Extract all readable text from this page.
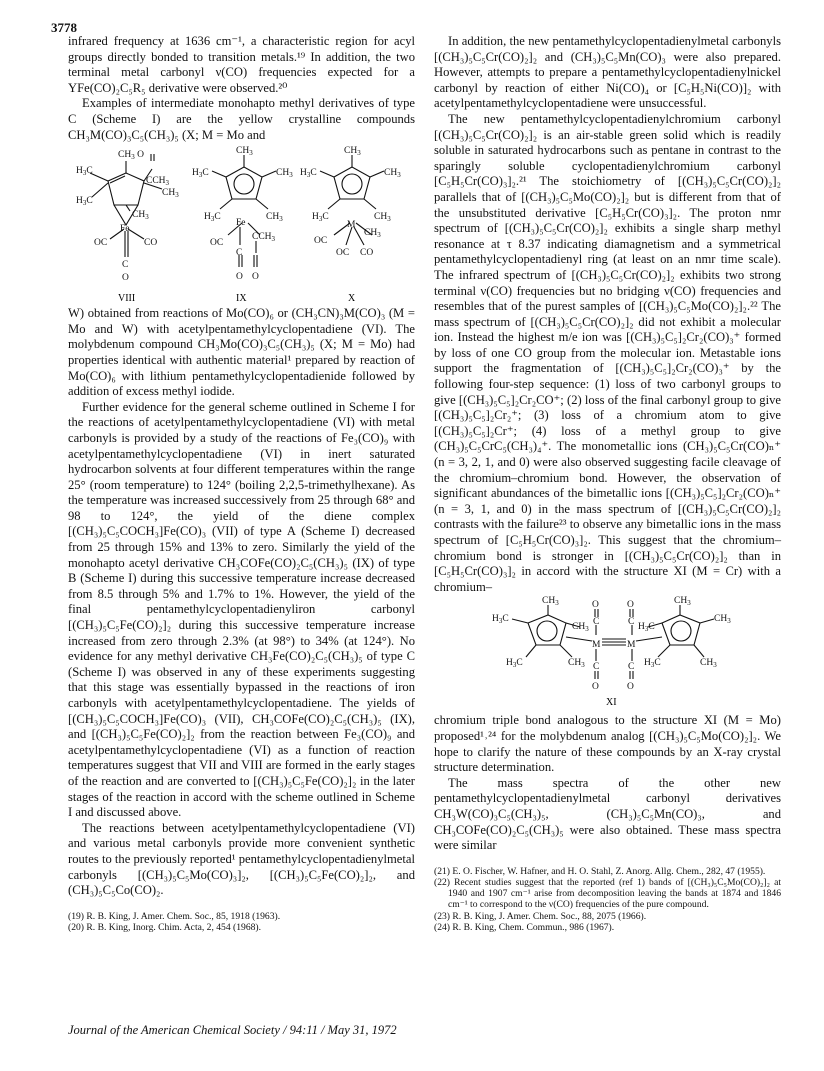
3778

infrared frequency at 1636 cm⁻¹, a characteristic region for acyl groups directly bonded to transition metals.¹⁹ In addition, the two terminal metal carbonyl ν(CO) frequencies expected for a YFe(CO)₂C₅R₅ derivative were observed.²⁰

Examples of intermediate monohapto methyl derivatives of type C (Scheme I) are the yellow crystalline compounds CH₃M(CO)₃C₅(CH₃)₅ (X; M = Mo and

$CH_3$ O
$H_3C$
$CCH_3$
$CH_3$
$H_3C$
$CH_3$
Fe
OC	CO
C
O
$CH_3$
$H_3C$	$CH_3$
$H_3C$	$CH_3$
Fe
OC
$CCH_3$
C
O O
$CH_3$
$H_3C$	$CH_3$
$H_3C$	$CH_3$
M
OC
$CH_3$
OC CO
VIII	IX	X

W) obtained from reactions of Mo(CO)₆ or (CH₃CN)₃M(CO)₃ (M = Mo and W) with acetylpentamethylcyclopentadiene (VI). The molybdenum compound CH₃Mo(CO)₃C₅(CH₃)₅ (X; M = Mo) had properties identical with authentic material¹ prepared by reaction of Mo(CO)₆ with lithium pentamethylcyclopentadienide followed by addition of excess methyl iodide.

Further evidence for the general scheme outlined in Scheme I for the reactions of acetylpentamethylcyclopentadiene (VI) with metal carbonyls is provided by a study of the reactions of Fe₃(CO)₉ with acetylpentamethylcyclopentadiene (VI) in inert saturated hydrocarbon solvents at four different temperatures within the range 25° (room temperature) to 124° (boiling 2,2,5-trimethylhexane). As the temperature was increased successively from 25 through 68° and 98 to 124°, the yield of the diene complex [(CH₃)₅C₅COCH₃]Fe(CO)₃ (VII) of type A (Scheme I) decreased from 25 through 15% and 13% to zero. Similarly the yield of the monohapto acetyl derivative CH₃COFe(CO)₂C₅(CH₃)₅ (IX) of type B (Scheme I) during this successive temperature increase decreased from 8.5 through 5% and 1.7% to 1%. However, the yield of the final pentamethylcyclopentadienyliron carbonyl [(CH₃)₅C₅Fe(CO)₂]₂ during this successive temperature increase increased from zero through 2.3% (at 98°) to 34% (at 124°). No evidence for any methyl derivative CH₃Fe(CO)₂C₅(CH₃)₅ of type C (Scheme I) was observed in any of these experiments suggesting that this stage was essentially bypassed in the reactions of iron carbonyls with acetylpentamethylcyclopentadiene. The yields of [(CH₃)₅C₅COCH₃]Fe(CO)₃ (VII), CH₃COFe(CO)₂C₅(CH₃)₅ (IX), and [(CH₃)₅C₅Fe(CO)₂]₂ from the reaction between Fe₃(CO)₉ and acetylpentamethylcyclopentadiene (VI) as a function of reaction temperatures suggest that VII and VIII are formed in the early stages of the reaction and are converted to [(CH₃)₅C₅Fe(CO)₂]₂ in the later stages of the reaction in accord with the scheme outlined in Scheme I and discussed above.

The reactions between acetylpentamethylcyclopentadiene (VI) and various metal carbonyls provide more convenient synthetic routes to the previously reported¹ pentamethylcyclopentadienylmetal carbonyls [(CH₃)₅C₅Mo(CO)₃]₂, [(CH₃)₅C₅Fe(CO)₂]₂, and (CH₃)₅C₅Co(CO)₂.

(19) R. B. King, J. Amer. Chem. Soc., 85, 1918 (1963).
(20) R. B. King, Inorg. Chim. Acta, 2, 454 (1968).

In addition, the new pentamethylcyclopentadienylmetal carbonyls [(CH₃)₅C₅Cr(CO)₂]₂ and (CH₃)₅C₅Mn(CO)₃ were also prepared. However, attempts to prepare a pentamethylcyclopentadienylnickel carbonyl by reaction of either Ni(CO)₄ or [C₅H₅Ni(CO)]₂ with acetylpentamethylcyclopentadiene were unsuccessful.

The new pentamethylcyclopentadienylchromium carbonyl [(CH₃)₅C₅Cr(CO)₂]₂ is an air-stable green solid which is readily soluble in saturated hydrocarbons such as pentane in contrast to the sparingly soluble cyclopentadienylchromium carbonyl [C₅H₅Cr(CO)₃]₂.²¹ The stoichiometry of [(CH₃)₅C₅Cr(CO)₂]₂ parallels that of [(CH₃)₅C₅Mo(CO)₂]₂ but is different from that of the unsubstituted derivative [C₅H₅Cr(CO)₃]₂. The proton nmr spectrum of [(CH₃)₅C₅Cr(CO)₂]₂ exhibits a single sharp methyl resonance at τ 8.37 indicating diamagnetism and a symmetrical pentamethylcyclopentadienyl ring (at least on an nmr time scale). The infrared spectrum of [(CH₃)₅C₅Cr(CO)₂]₂ exhibits two strong terminal ν(CO) frequencies but no bridging ν(CO) frequencies and resembles that of the purest samples of [(CH₃)₅C₅Mo(CO)₂]₂.²² The mass spectrum of [(CH₃)₅C₅Cr(CO)₂]₂ did not exhibit a molecular ion. Instead the highest m/e ion was [(CH₃)₅C₅]₂Cr₂(CO)₃⁺ formed by loss of one CO group from the molecular ion. Metastable ions support the fragmentation of [(CH₃)₅C₅]₂Cr₂(CO)₃⁺ by the following four-step sequence: (1) loss of two carbonyl groups to give [(CH₃)₅C₅]₂Cr₂CO⁺; (2) loss of the final carbonyl group to give [(CH₃)₅C₅]₂Cr₂⁺; (3) loss of a chromium atom to give [(CH₃)₅C₅]₂Cr⁺; (4) loss of a methyl group to give (CH₃)₅C₅CrC₅(CH₃)₄⁺. The monometallic ions (CH₃)₅C₅Cr(CO)ₙ⁺ (n = 3, 2, 1, and 0) were also observed suggesting facile cleavage of the chromium–chromium bond. However, the observation of significant abundances of the bimetallic ions [(CH₃)₅C₅]₂Cr₂(CO)ₙ⁺ (n = 3, 1, and 0) in the mass spectrum of [(CH₃)₅C₅Cr(CO)₂]₂ contrasts with the failure²³ to observe any bimetallic ions in the mass spectrum of [C₅H₅Cr(CO)₃]₂. This suggest that the chromium–chromium bond is stronger in [(CH₃)₅C₅Cr(CO)₂]₂ than in [C₅H₅Cr(CO)₃]₂ in accord with the structure XI (M = Cr) with a chromium–

$CH_3$	$CH_3$
$H_3C$	$CH_3$
$CH_3$	$H_3C$
O	O
C	C
M	M
C	C
O	O
$H_3C$	$CH_3$	$H_3C$	$CH_3$
XI

chromium triple bond analogous to the structure XI (M = Mo) proposed¹˒²⁴ for the molybdenum analog [(CH₃)₅C₅Mo(CO)₂]₂. We hope to clarify the nature of these compounds by an X-ray crystal structure determination.

The mass spectra of the other new pentamethylcyclopentadienylmetal carbonyl derivatives CH₃W(CO)₃C₅(CH₃)₅, (CH₃)₅C₅Mn(CO)₃, and CH₃COFe(CO)₂C₅(CH₃)₅ were also obtained. These mass spectra were similar

(21) E. O. Fischer, W. Hafner, and H. O. Stahl, Z. Anorg. Allg. Chem., 282, 47 (1955).
(22) Recent studies suggest that the reported (ref 1) bands of [(CH₃)₅C₅Mo(CO)₂]₂ at 1940 and 1907 cm⁻¹ arise from decomposition leaving the bands at 1874 and 1846 cm⁻¹ to correspond to the ν(CO) frequencies of the pure compound.
(23) R. B. King, J. Amer. Chem. Soc., 88, 2075 (1966).
(24) R. B. King, Chem. Commun., 986 (1967).
Journal of the American Chemical Society / 94:11 / May 31, 1972
